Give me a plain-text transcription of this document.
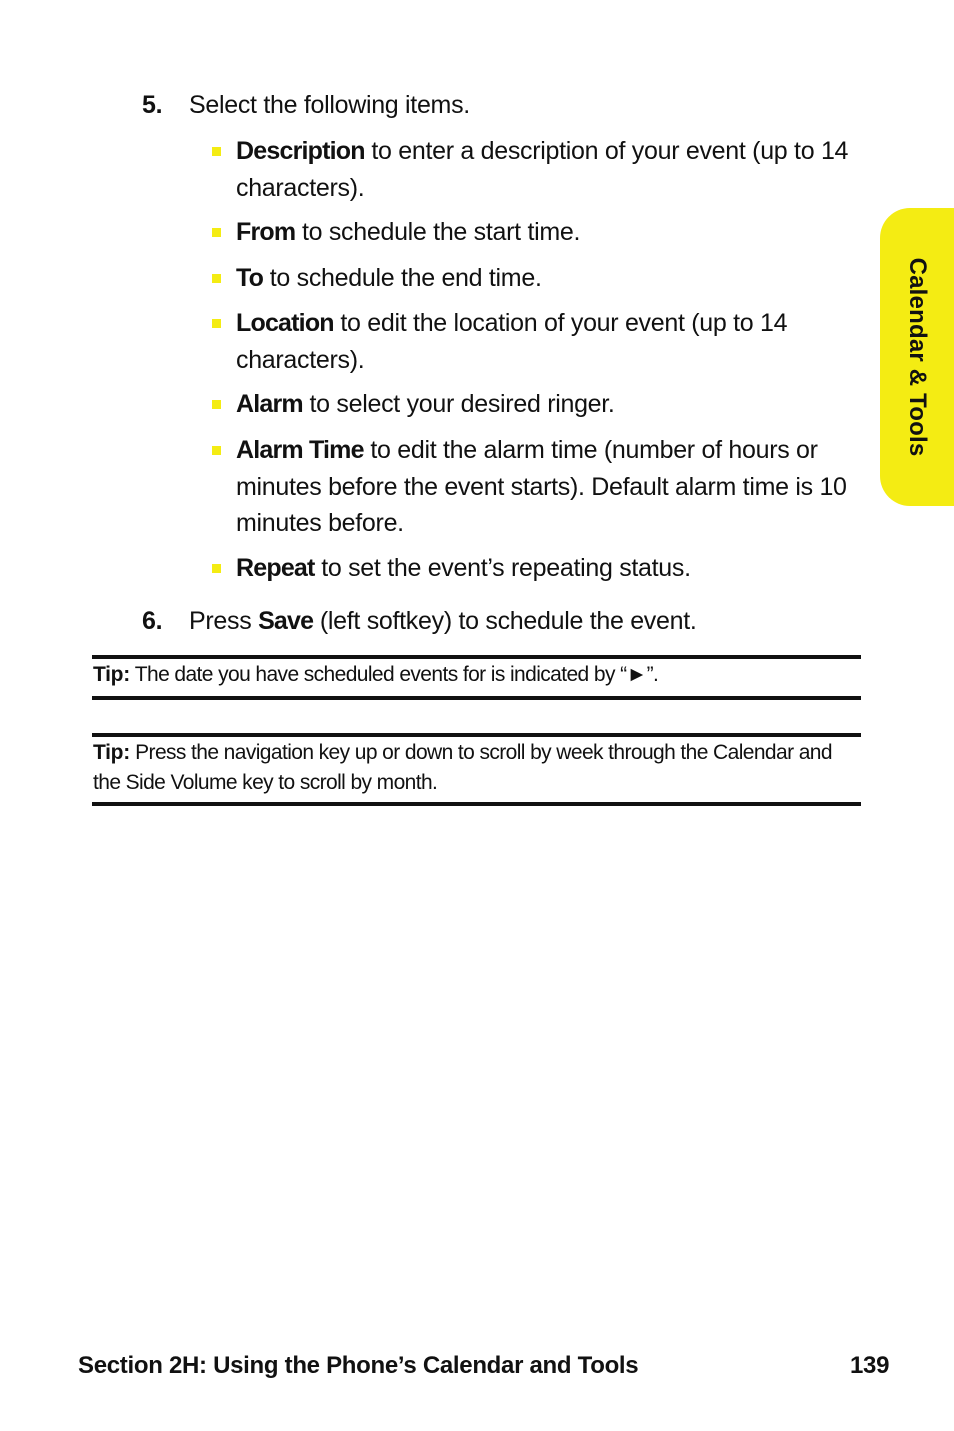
5. Select the following items.
Description to enter a description of your event (up to 14 characters).
From to schedule the start time.
To to schedule the end time.
Location to edit the location of your event (up to 14 characters).
Alarm to select your desired ringer.
Alarm Time to edit the alarm time (number of hours or minutes before the event starts). Default alarm time is 10 minutes before.
Repeat to set the event’s repeating status.
6. Press Save (left softkey) to schedule the event.
Tip: The date you have scheduled events for is indicated by “►”.
Tip: Press the navigation key up or down to scroll by week through the Calendar and the Side Volume key to scroll by month.
Calendar & Tools
Section 2H: Using the Phone’s Calendar and Tools	139
